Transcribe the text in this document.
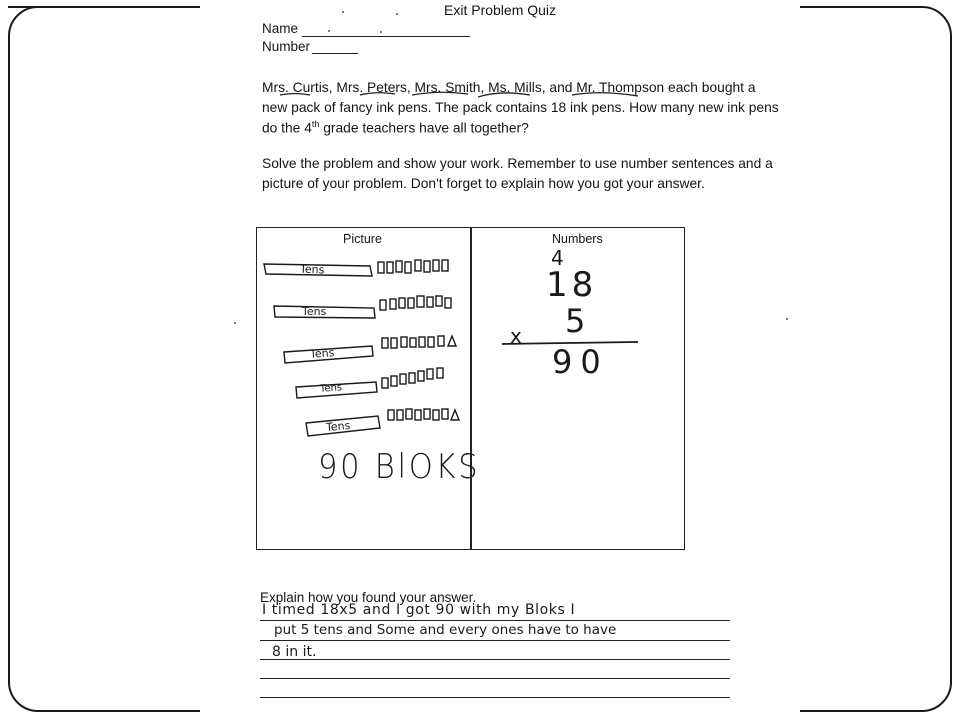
Exit Problem Quiz
Name
Number
Mrs. Curtis, Mrs. Peters, Mrs. Smith, Ms. Mills, and Mr. Thompson each bought a
new pack of fancy ink pens. The pack contains 18 ink pens. How many new ink pens
do the 4th grade teachers have all together?
Solve the problem and show your work. Remember to use number sentences and a
picture of your problem. Don't forget to explain how you got your answer.
Picture	Numbers
Tens
Tens
Tens
Tens
Tens
90 BlOKS
4
18
x 5
90
Explain how you found your answer.
I timed 18x5 and I got 90 with my Bloks I
put 5 tens and Some and every ones have to have
8 in it.
